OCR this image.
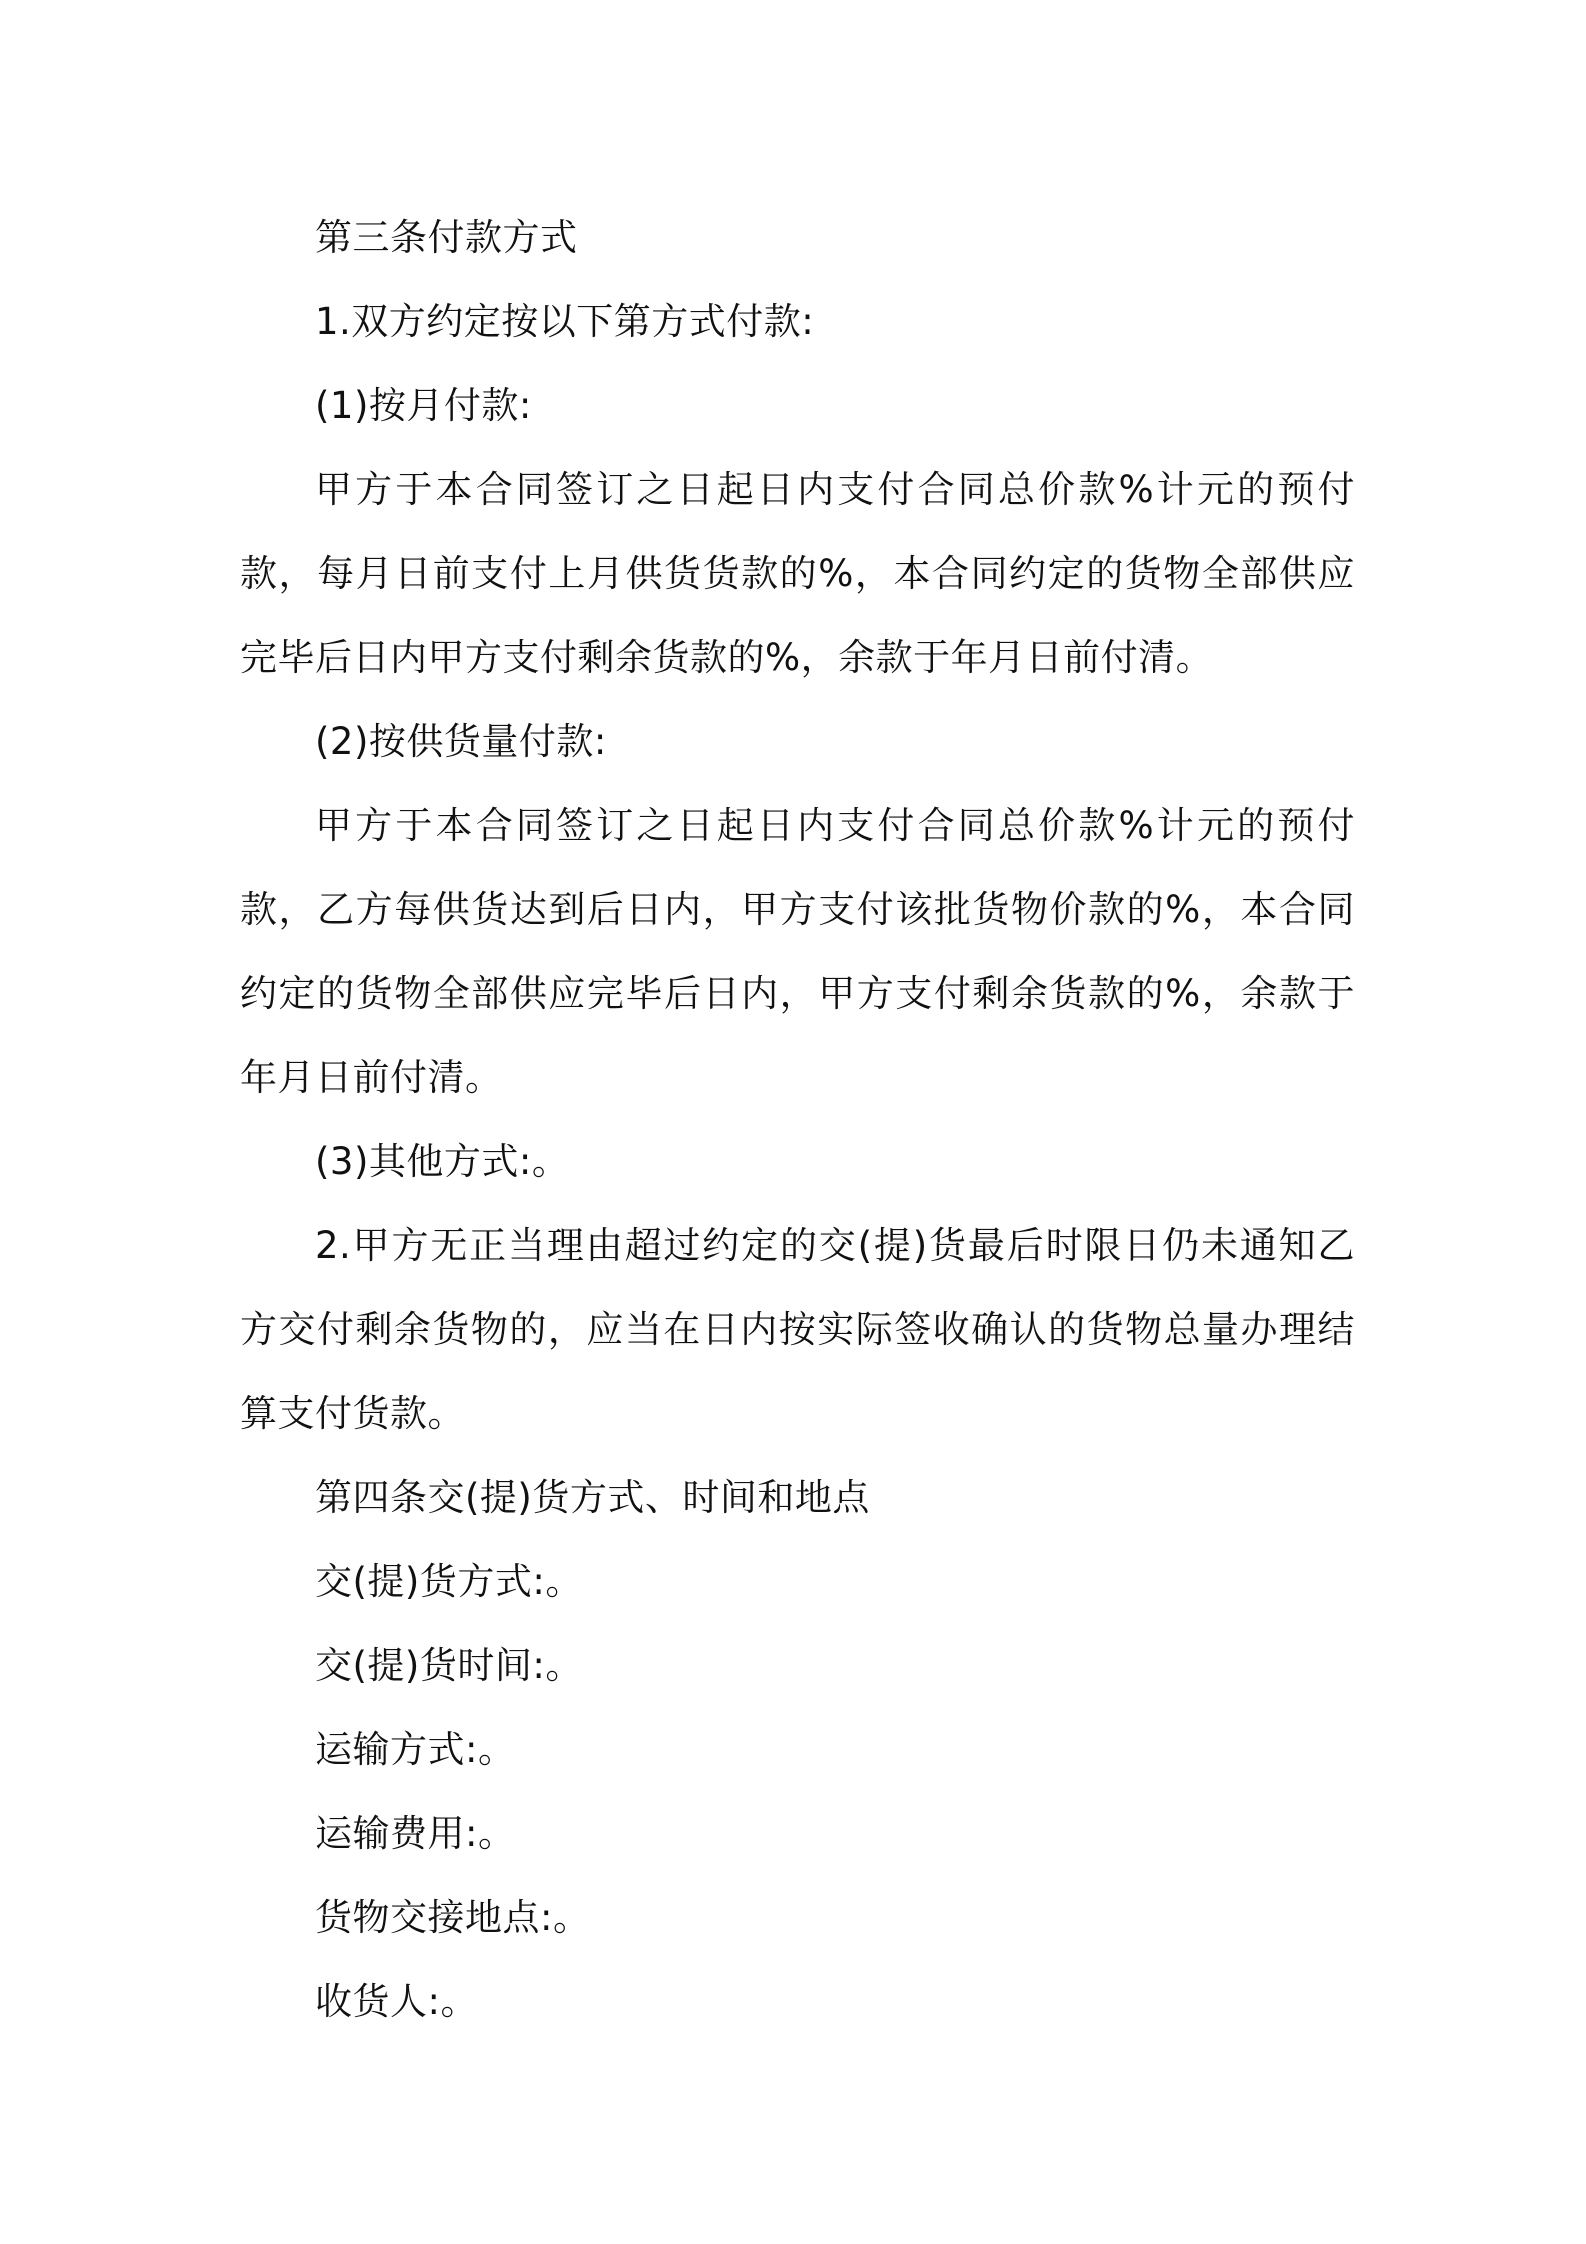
第三条付款方式

1.双方约定按以下第方式付款:

(1)按月付款:

甲方于本合同签订之日起日内支付合同总价款%计元的预付款，每月日前支付上月供货货款的%，本合同约定的货物全部供应完毕后日内甲方支付剩余货款的%，余款于年月日前付清。

(2)按供货量付款:

甲方于本合同签订之日起日内支付合同总价款%计元的预付款，乙方每供货达到后日内，甲方支付该批货物价款的%，本合同约定的货物全部供应完毕后日内，甲方支付剩余货款的%，余款于年月日前付清。

(3)其他方式:。

2.甲方无正当理由超过约定的交(提)货最后时限日仍未通知乙方交付剩余货物的，应当在日内按实际签收确认的货物总量办理结算支付货款。

第四条交(提)货方式、时间和地点

交(提)货方式:。

交(提)货时间:。

运输方式:。

运输费用:。

货物交接地点:。

收货人:。
